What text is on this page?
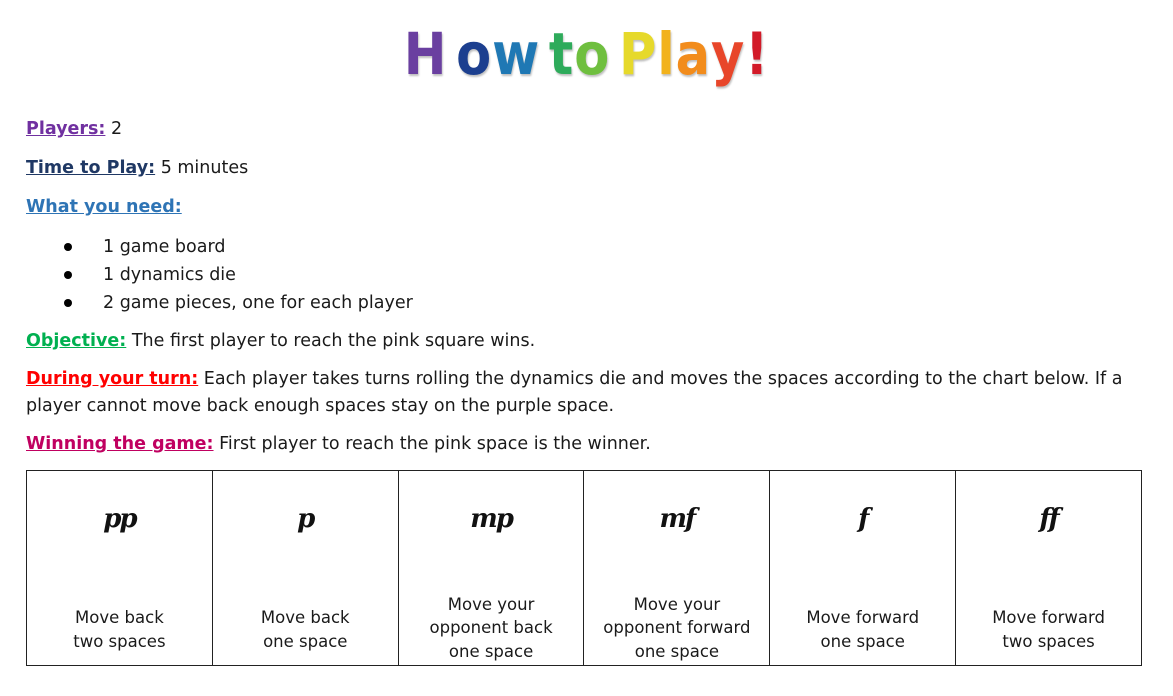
H ow to Play!
Players: 2
Time to Play: 5 minutes
What you need:
1 game board
1 dynamics die
2 game pieces, one for each player
Objective: The first player to reach the pink square wins.
During your turn: Each player takes turns rolling the dynamics die and moves the spaces according to the chart below. If a player cannot move back enough spaces stay on the purple space.
Winning the game: First player to reach the pink space is the winner.
pp
Move back
two spaces

p
Move back
one space

mp
Move your
opponent back
one space

mf
Move your
opponent forward
one space

f
Move forward
one space

ff
Move forward
two spaces
